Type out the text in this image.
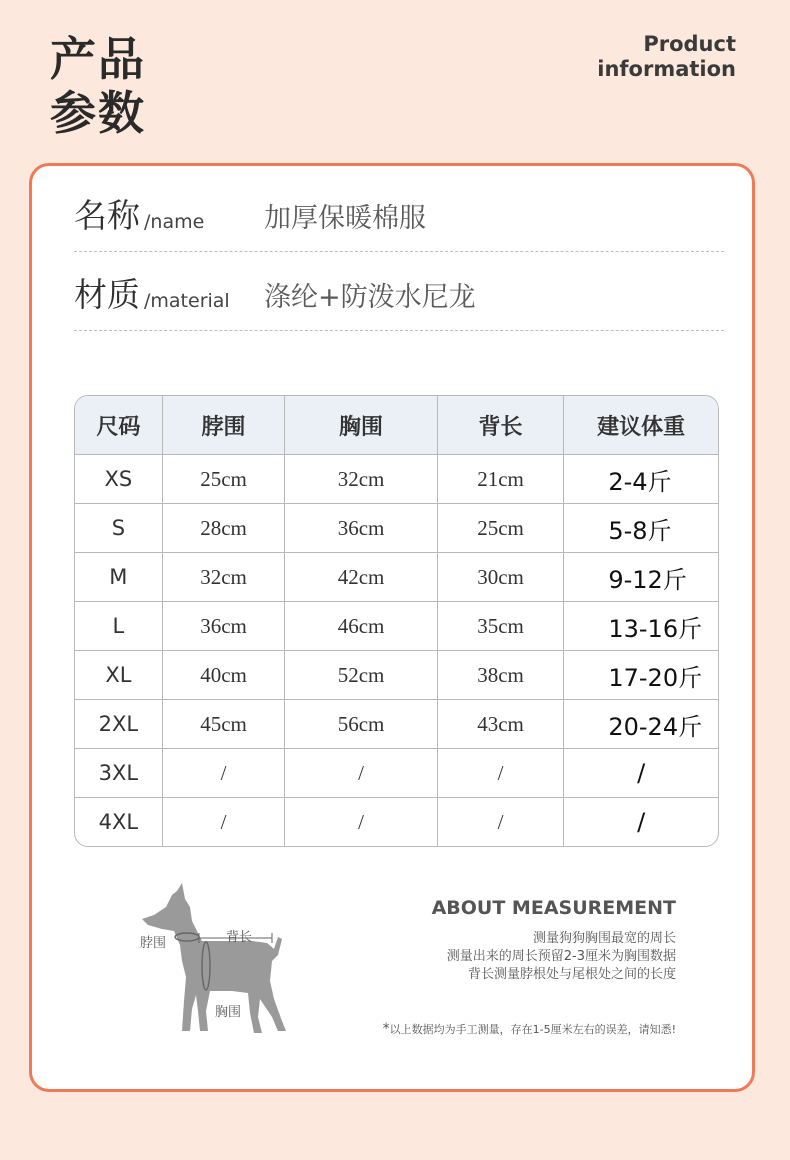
产品
参数
Product
information
名称 /name 加厚保暖棉服
材质 /material 涤纶+防泼水尼龙
尺码	脖围	胸围	背长	建议体重
XS	25cm	32cm	21cm	2-4斤
S	28cm	36cm	25cm	5-8斤
M	32cm	42cm	30cm	9-12斤
L	36cm	46cm	35cm	13-16斤
XL	40cm	52cm	38cm	17-20斤
2XL	45cm	56cm	43cm	20-24斤
3XL	/	/	/	/
4XL	/	/	/	/
脖围	背长
胸围
ABOUT MEASUREMENT
测量狗狗胸围最宽的周长
测量出来的周长预留2-3厘米为胸围数据
背长测量脖根处与尾根处之间的长度
*以上数据均为手工测量，存在1-5厘米左右的误差，请知悉!
